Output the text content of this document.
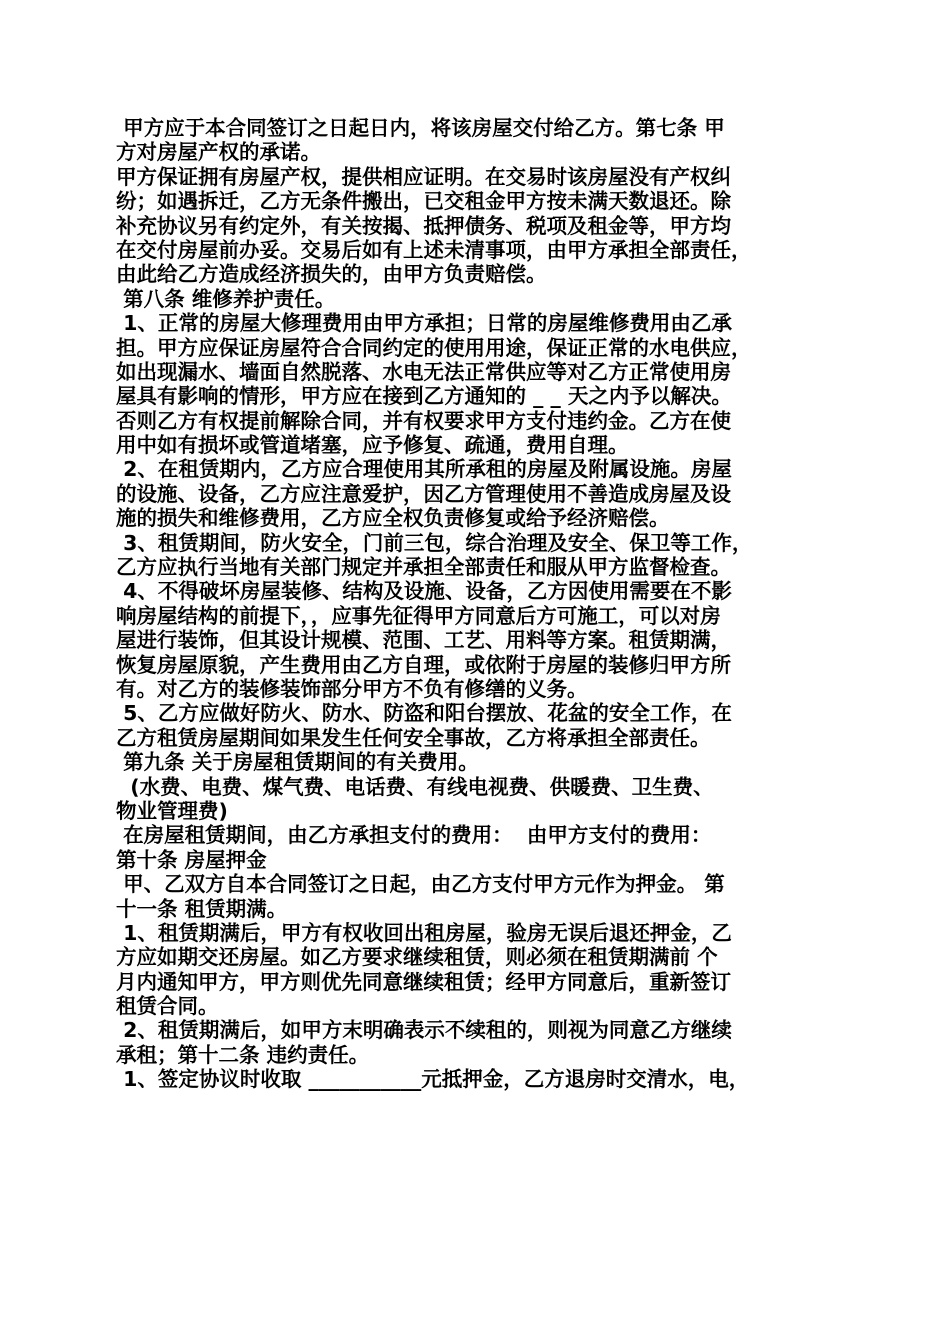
甲方应于本合同签订之日起日内，将该房屋交付给乙方。第七条 甲
方对房屋产权的承诺。
甲方保证拥有房屋产权，提供相应证明。在交易时该房屋没有产权纠
纷；如遇拆迁，乙方无条件搬出，已交租金甲方按未满天数退还。除
补充协议另有约定外，有关按揭、抵押债务、税项及租金等，甲方均
在交付房屋前办妥。交易后如有上述未清事项，由甲方承担全部责任，
由此给乙方造成经济损失的，由甲方负责赔偿。
第八条 维修养护责任。
1、正常的房屋大修理费用由甲方承担；日常的房屋维修费用由乙承
担。甲方应保证房屋符合合同约定的使用用途，保证正常的水电供应，
如出现漏水、墙面自然脱落、水电无法正常供应等对乙方正常使用房
屋具有影响的情形，甲方应在接到乙方通知的 _ _ 天之内予以解决。
否则乙方有权提前解除合同，并有权要求甲方支付违约金。乙方在使
用中如有损坏或管道堵塞，应予修复、疏通，费用自理。
2、在租赁期内，乙方应合理使用其所承租的房屋及附属设施。房屋
的设施、设备，乙方应注意爱护，因乙方管理使用不善造成房屋及设
施的损失和维修费用，乙方应全权负责修复或给予经济赔偿。
3、租赁期间，防火安全，门前三包，综合治理及安全、保卫等工作，
乙方应执行当地有关部门规定并承担全部责任和服从甲方监督检查。
4、不得破坏房屋装修、结构及设施、设备，乙方因使用需要在不影
响房屋结构的前提下，，应事先征得甲方同意后方可施工，可以对房
屋进行装饰，但其设计规模、范围、工艺、用料等方案。租赁期满，
恢复房屋原貌，产生费用由乙方自理，或依附于房屋的装修归甲方所
有。对乙方的装修装饰部分甲方不负有修缮的义务。
5、乙方应做好防火、防水、防盗和阳台摆放、花盆的安全工作，在
乙方租赁房屋期间如果发生任何安全事故，乙方将承担全部责任。
第九条 关于房屋租赁期间的有关费用。
(水费、电费、煤气费、电话费、有线电视费、供暖费、卫生费、
物业管理费)
在房屋租赁期间，由乙方承担支付的费用：  由甲方支付的费用：
第十条 房屋押金
甲、乙双方自本合同签订之日起，由乙方支付甲方元作为押金。 第
十一条 租赁期满。
1、租赁期满后，甲方有权收回出租房屋，验房无误后退还押金，乙
方应如期交还房屋。如乙方要求继续租赁，则必须在租赁期满前 个
月内通知甲方，甲方则优先同意继续租赁；经甲方同意后，重新签订
租赁合同。
2、租赁期满后，如甲方末明确表示不续租的，则视为同意乙方继续
承租；第十二条 违约责任。
1、签定协议时收取 ___________元抵押金，乙方退房时交清水，电，
